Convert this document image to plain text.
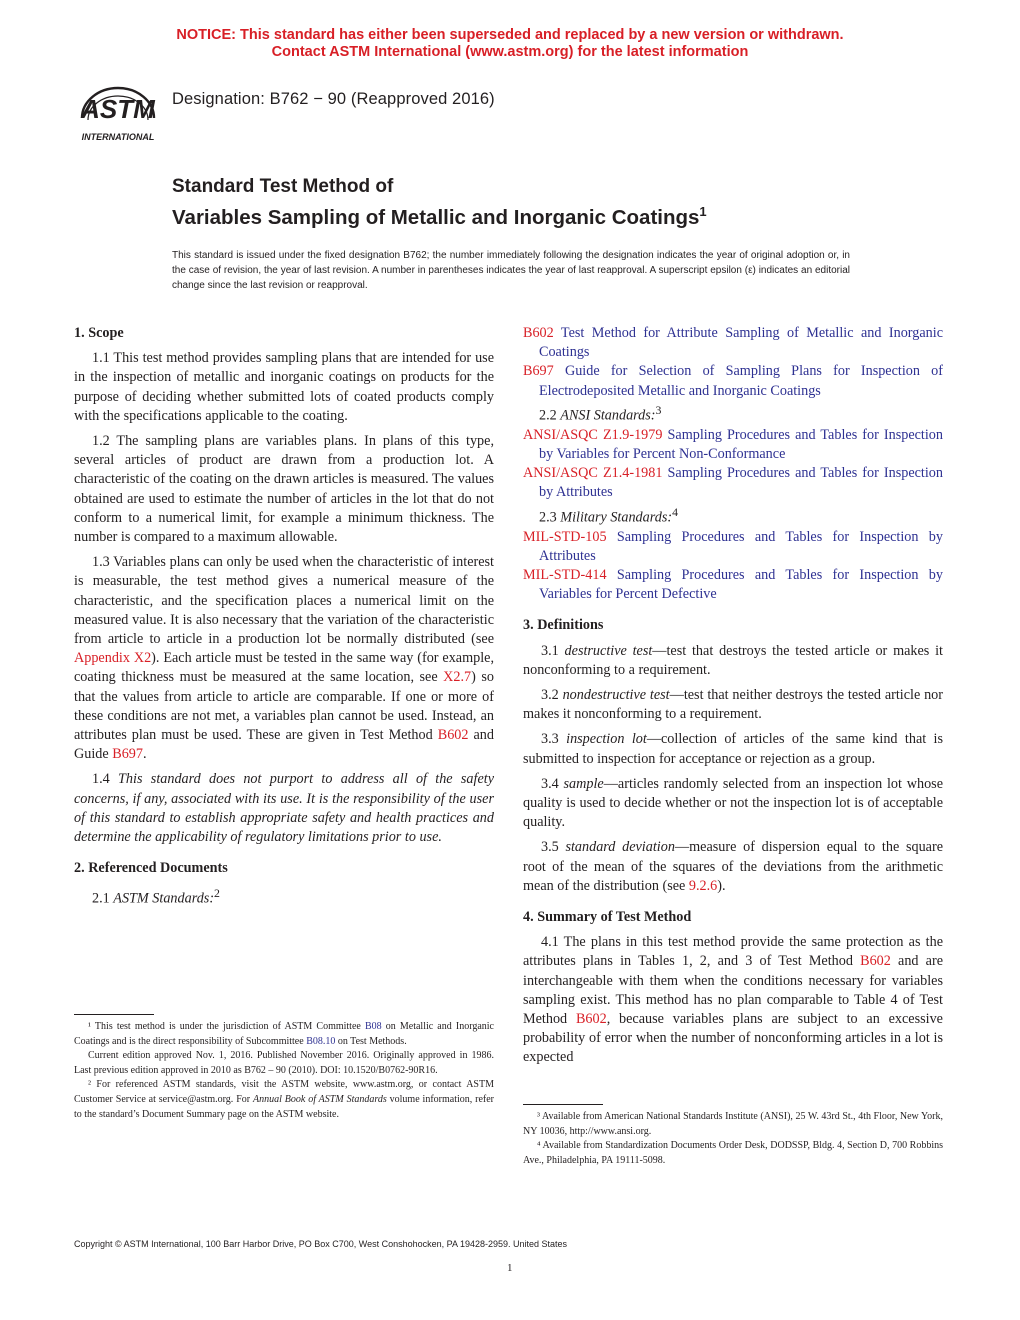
NOTICE: This standard has either been superseded and replaced by a new version or withdrawn.
Contact ASTM International (www.astm.org) for the latest information
ASTM
INTERNATIONAL
Designation: B762 − 90 (Reapproved 2016)
Standard Test Method of
Variables Sampling of Metallic and Inorganic Coatings$^1$
This standard is issued under the fixed designation B762; the number immediately following the designation indicates the year of original adoption or, in the case of revision, the year of last revision. A number in parentheses indicates the year of last reapproval. A superscript epsilon (ε) indicates an editorial change since the last revision or reapproval.
1. Scope

1.1 This test method provides sampling plans that are intended for use in the inspection of metallic and inorganic coatings on products for the purpose of deciding whether submitted lots of coated products comply with the specifications applicable to the coating.

1.2 The sampling plans are variables plans. In plans of this type, several articles of product are drawn from a production lot. A characteristic of the coating on the drawn articles is measured. The values obtained are used to estimate the number of articles in the lot that do not conform to a numerical limit, for example a minimum thickness. The number is compared to a maximum allowable.

1.3 Variables plans can only be used when the characteristic of interest is measurable, the test method gives a numerical measure of the characteristic, and the specification places a numerical limit on the measured value. It is also necessary that the variation of the characteristic from article to article in a production lot be normally distributed (see Appendix X2). Each article must be tested in the same way (for example, coating thickness must be measured at the same location, see X2.7) so that the values from article to article are comparable. If one or more of these conditions are not met, a variables plan cannot be used. Instead, an attributes plan must be used. These are given in Test Method B602 and Guide B697.

1.4 This standard does not purport to address all of the safety concerns, if any, associated with its use. It is the responsibility of the user of this standard to establish appropriate safety and health practices and determine the applicability of regulatory limitations prior to use.

2. Referenced Documents

2.1 ASTM Standards:$^2$

B602 Test Method for Attribute Sampling of Metallic and Inorganic Coatings

B697 Guide for Selection of Sampling Plans for Inspection of Electrodeposited Metallic and Inorganic Coatings

2.2 ANSI Standards:$^3$

ANSI/ASQC Z1.9-1979 Sampling Procedures and Tables for Inspection by Variables for Percent Non-Conformance

ANSI/ASQC Z1.4-1981 Sampling Procedures and Tables for Inspection by Attributes

2.3 Military Standards:$^4$

MIL-STD-105 Sampling Procedures and Tables for Inspection by Attributes

MIL-STD-414 Sampling Procedures and Tables for Inspection by Variables for Percent Defective

3. Definitions

3.1 destructive test—test that destroys the tested article or makes it nonconforming to a requirement.

3.2 nondestructive test—test that neither destroys the tested article nor makes it nonconforming to a requirement.

3.3 inspection lot—collection of articles of the same kind that is submitted to inspection for acceptance or rejection as a group.

3.4 sample—articles randomly selected from an inspection lot whose quality is used to decide whether or not the inspection lot is of acceptable quality.

3.5 standard deviation—measure of dispersion equal to the square root of the mean of the squares of the deviations from the arithmetic mean of the distribution (see 9.2.6).

4. Summary of Test Method

4.1 The plans in this test method provide the same protection as the attributes plans in Tables 1, 2, and 3 of Test Method B602 and are interchangeable with them when the conditions necessary for variables sampling exist. This method has no plan comparable to Table 4 of Test Method B602, because variables plans are subject to an excessive probability of error when the number of nonconforming articles in a lot is expected

¹ This test method is under the jurisdiction of ASTM Committee B08 on Metallic and Inorganic Coatings and is the direct responsibility of Subcommittee B08.10 on Test Methods.

Current edition approved Nov. 1, 2016. Published November 2016. Originally approved in 1986. Last previous edition approved in 2010 as B762 – 90 (2010). DOI: 10.1520/B0762-90R16.

² For referenced ASTM standards, visit the ASTM website, www.astm.org, or contact ASTM Customer Service at service@astm.org. For Annual Book of ASTM Standards volume information, refer to the standard’s Document Summary page on the ASTM website.	³ Available from American National Standards Institute (ANSI), 25 W. 43rd St., 4th Floor, New York, NY 10036, http://www.ansi.org.

⁴ Available from Standardization Documents Order Desk, DODSSP, Bldg. 4, Section D, 700 Robbins Ave., Philadelphia, PA 19111-5098.

Copyright © ASTM International, 100 Barr Harbor Drive, PO Box C700, West Conshohocken, PA 19428-2959. United States
1
